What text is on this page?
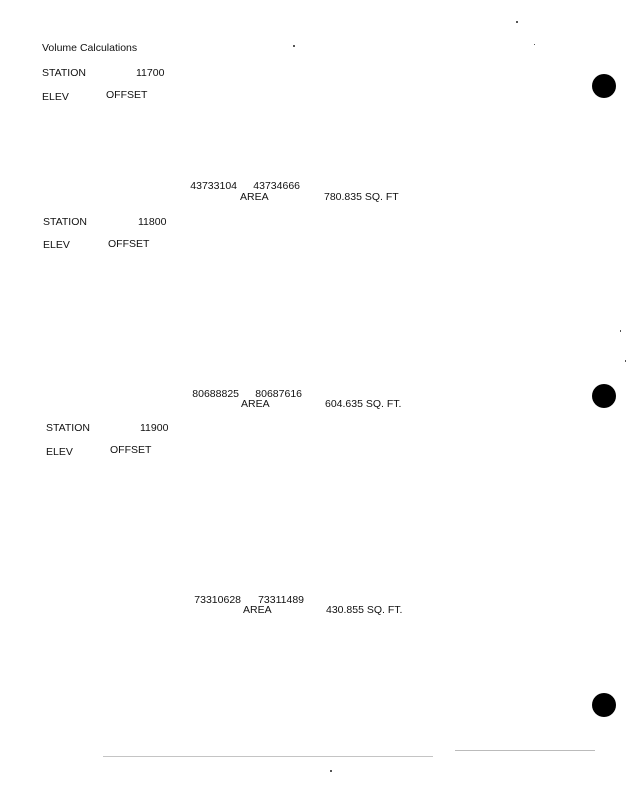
Volume Calculations
STATION	11700
ELEV	OFFSET
43733104 43734666
AREA	780.835 SQ. FT
STATION	11800
ELEV	OFFSET
80688825 80687616
AREA	604.635 SQ. FT.
STATION	11900
ELEV	OFFSET
73310628 73311489
AREA	430.855 SQ. FT.
